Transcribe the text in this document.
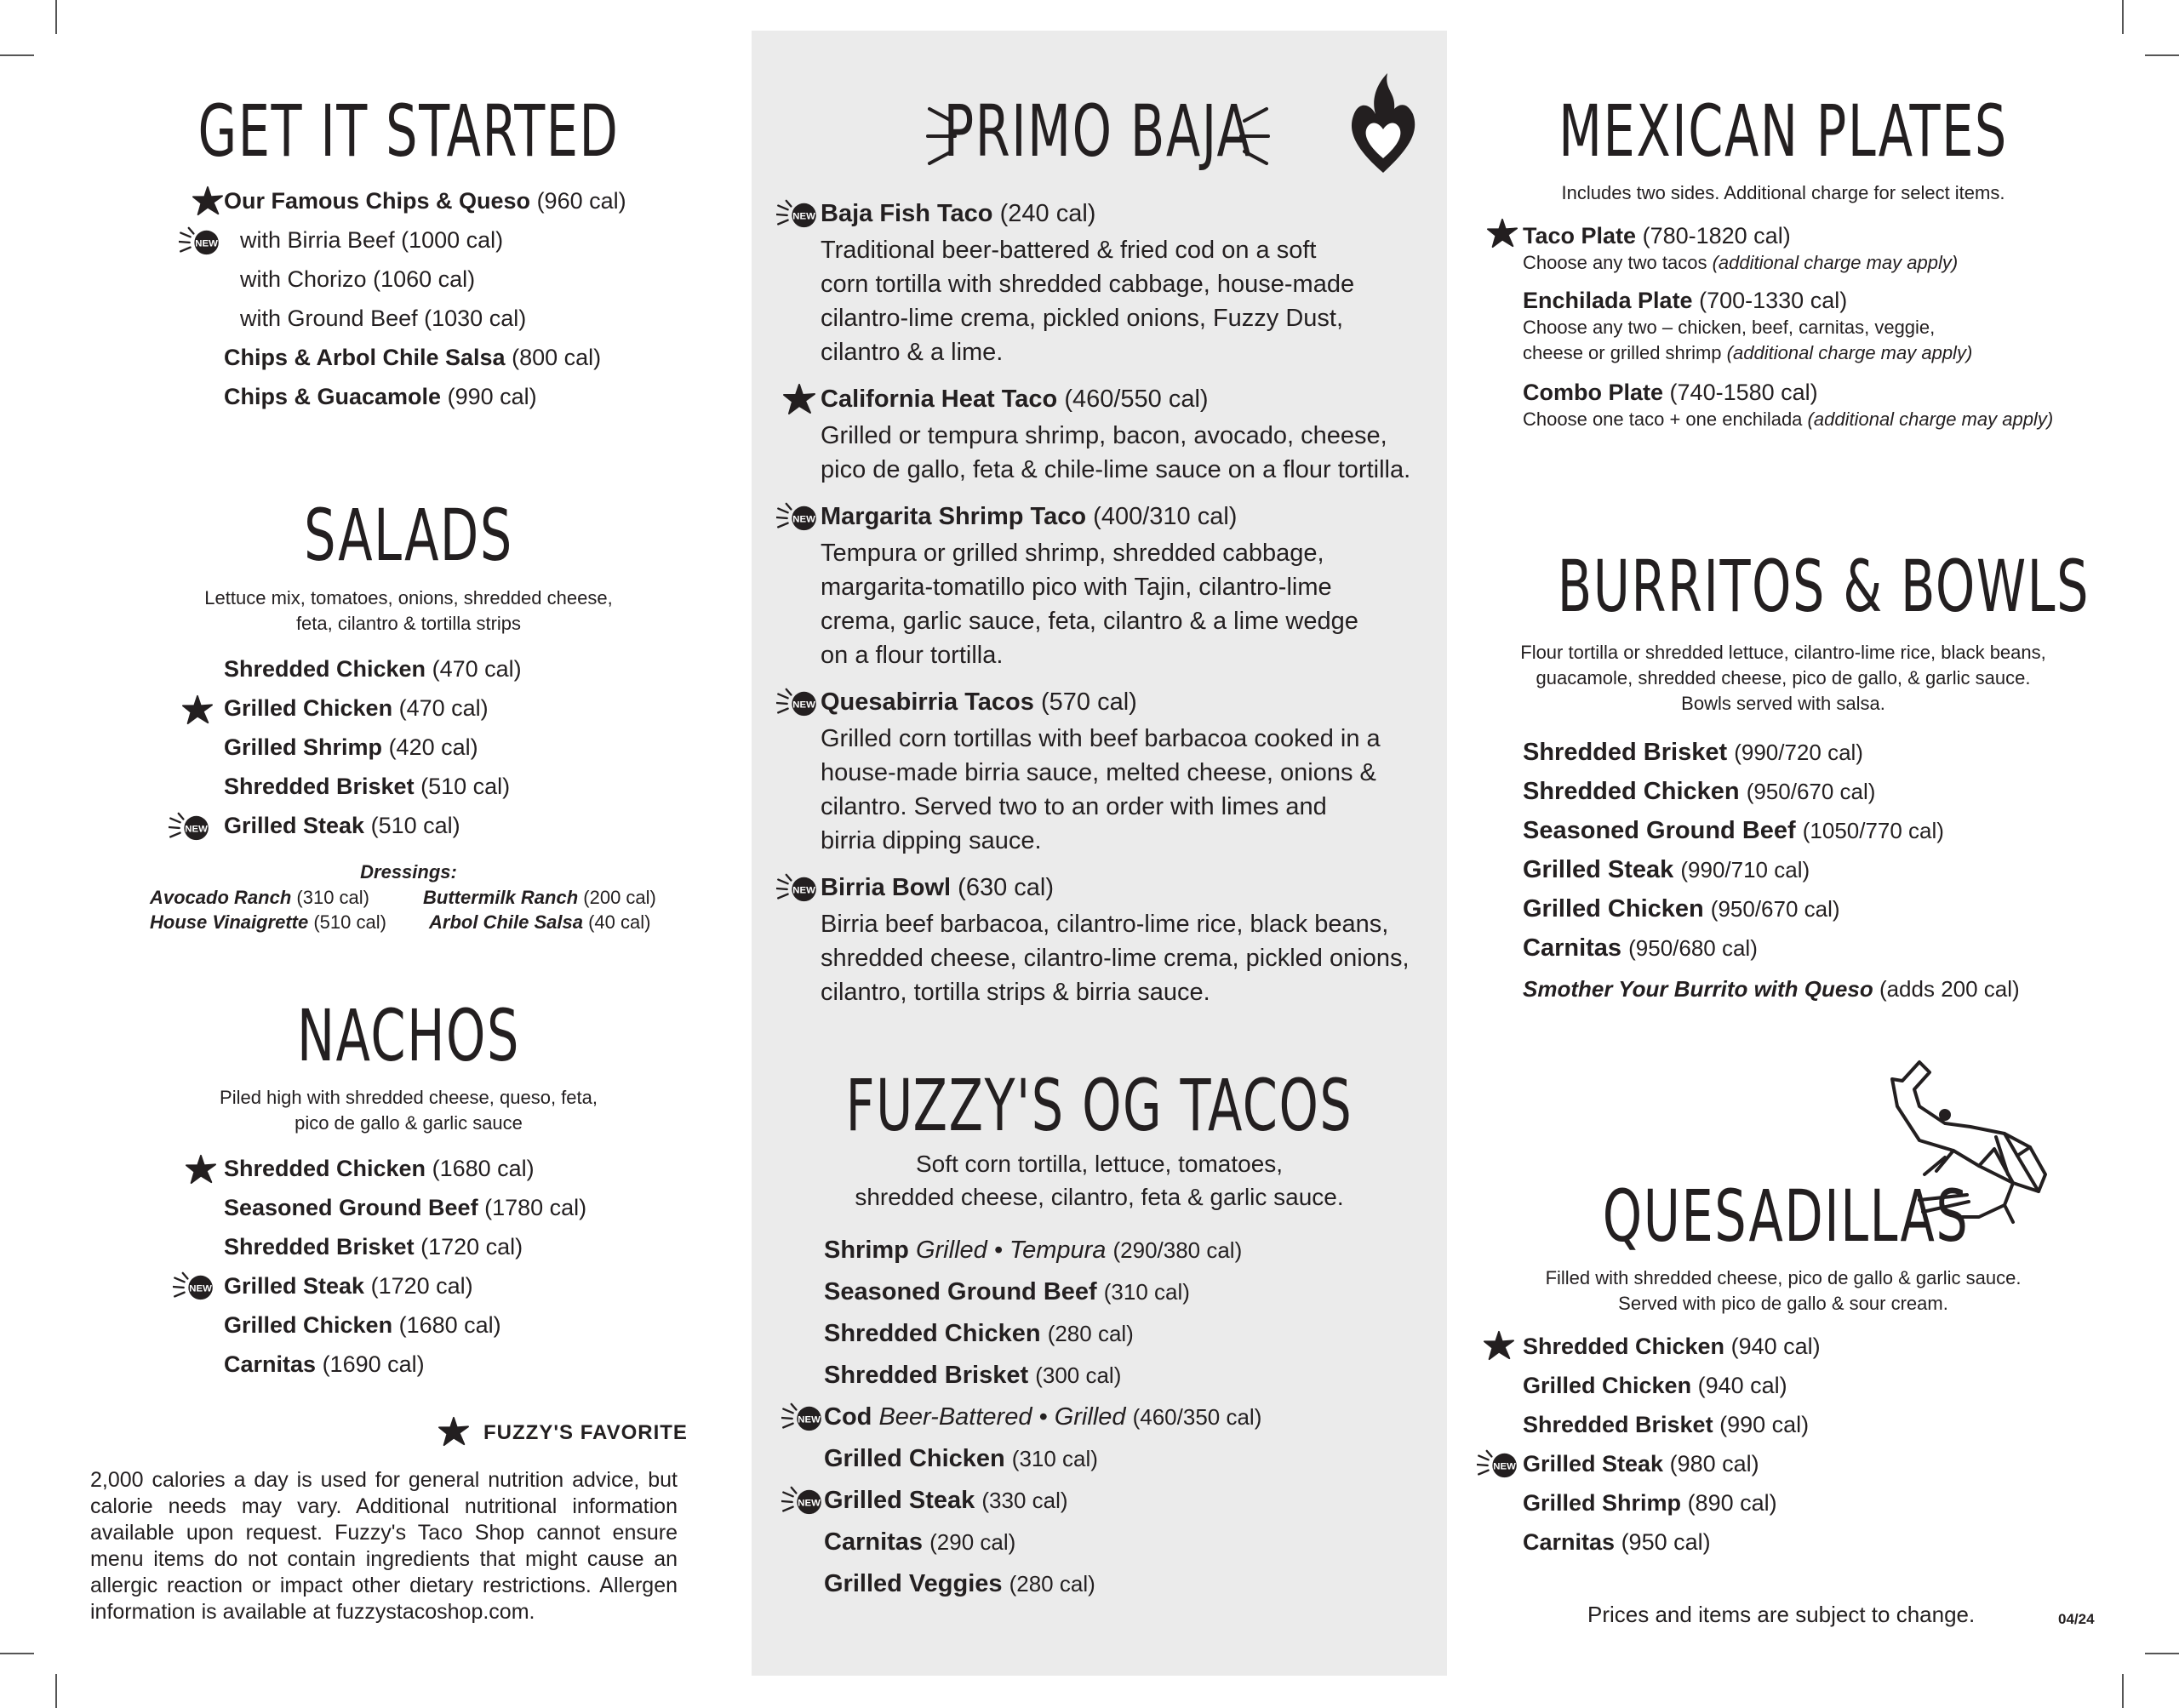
GET IT STARTED
Our Famous Chips & Queso (960 cal)
with Birria Beef (1000 cal)
with Chorizo (1060 cal)
with Ground Beef (1030 cal)
Chips & Arbol Chile Salsa (800 cal)
Chips & Guacamole (990 cal)
SALADS
Lettuce mix, tomatoes, onions, shredded cheese,
feta, cilantro & tortilla strips
Shredded Chicken (470 cal)
Grilled Chicken (470 cal)
Grilled Shrimp (420 cal)
Shredded Brisket (510 cal)
Grilled Steak (510 cal)
Dressings:
Avocado Ranch (310 cal)	Buttermilk Ranch (200 cal)
House Vinaigrette (510 cal) Arbol Chile Salsa (40 cal)
NACHOS
Piled high with shredded cheese, queso, feta,
pico de gallo & garlic sauce
Shredded Chicken (1680 cal)
Seasoned Ground Beef (1780 cal)
Shredded Brisket (1720 cal)
Grilled Steak (1720 cal)
Grilled Chicken (1680 cal)
Carnitas (1690 cal)
FUZZY'S FAVORITE
2,000 calories a day is used for general nutrition advice, but calorie needs may vary. Additional nutritional information available upon request. Fuzzy's Taco Shop cannot ensure menu items do not contain ingredients that might cause an allergic reaction or impact other dietary restrictions. Allergen information is available at fuzzystacoshop.com.
PRIMO BAJA
Baja Fish Taco (240 cal)
Traditional beer-battered & fried cod on a soft corn tortilla with shredded cabbage, house-made cilantro-lime crema, pickled onions, Fuzzy Dust, cilantro & a lime.
California Heat Taco (460/550 cal)
Grilled or tempura shrimp, bacon, avocado, cheese, pico de gallo, feta & chile-lime sauce on a flour tortilla.
Margarita Shrimp Taco (400/310 cal)
Tempura or grilled shrimp, shredded cabbage, margarita-tomatillo pico with Tajin, cilantro-lime crema, garlic sauce, feta, cilantro & a lime wedge on a flour tortilla.
Quesabirria Tacos (570 cal)
Grilled corn tortillas with beef barbacoa cooked in a house-made birria sauce, melted cheese, onions & cilantro. Served two to an order with limes and birria dipping sauce.
Birria Bowl (630 cal)
Birria beef barbacoa, cilantro-lime rice, black beans, shredded cheese, cilantro-lime crema, pickled onions, cilantro, tortilla strips & birria sauce.
FUZZY'S OG TACOS
Soft corn tortilla, lettuce, tomatoes,
shredded cheese, cilantro, feta & garlic sauce.
Shrimp Grilled • Tempura (290/380 cal)
Seasoned Ground Beef (310 cal)
Shredded Chicken (280 cal)
Shredded Brisket (300 cal)
Cod Beer-Battered • Grilled (460/350 cal)
Grilled Chicken (310 cal)
Grilled Steak (330 cal)
Carnitas (290 cal)
Grilled Veggies (280 cal)
MEXICAN PLATES
Includes two sides. Additional charge for select items.
Taco Plate (780-1820 cal)
Choose any two tacos (additional charge may apply)
Enchilada Plate (700-1330 cal)
Choose any two – chicken, beef, carnitas, veggie,
cheese or grilled shrimp (additional charge may apply)
Combo Plate (740-1580 cal)
Choose one taco + one enchilada (additional charge may apply)
BURRITOS & BOWLS
Flour tortilla or shredded lettuce, cilantro-lime rice, black beans,
guacamole, shredded cheese, pico de gallo, & garlic sauce.
Bowls served with salsa.
Shredded Brisket (990/720 cal)
Shredded Chicken (950/670 cal)
Seasoned Ground Beef (1050/770 cal)
Grilled Steak (990/710 cal)
Grilled Chicken (950/670 cal)
Carnitas (950/680 cal)
Smother Your Burrito with Queso (adds 200 cal)
QUESADILLAS
Filled with shredded cheese, pico de gallo & garlic sauce.
Served with pico de gallo & sour cream.
Shredded Chicken (940 cal)
Grilled Chicken (940 cal)
Shredded Brisket (990 cal)
Grilled Steak (980 cal)
Grilled Shrimp (890 cal)
Carnitas (950 cal)
Prices and items are subject to change.	04/24
